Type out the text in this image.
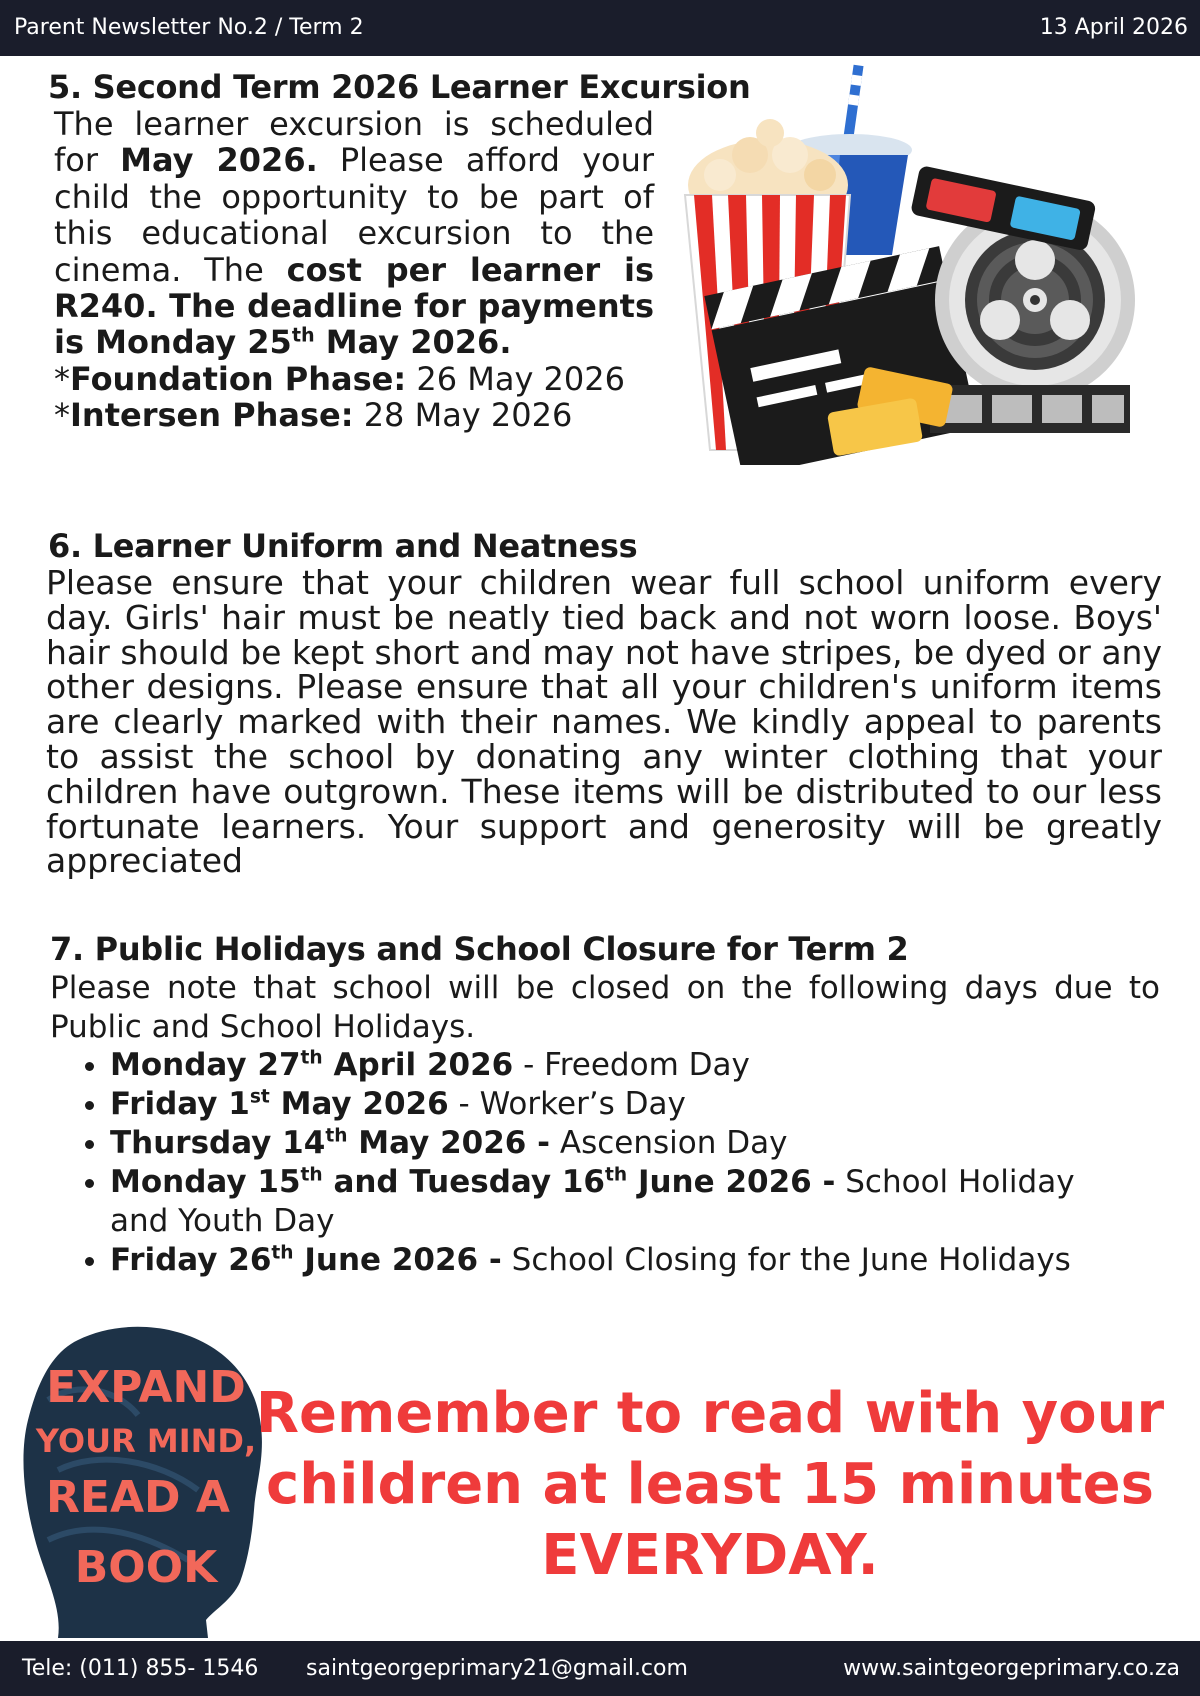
Parent Newsletter No.2 / Term 2	13 April 2026
5. Second Term 2026 Learner Excursion

The learner excursion is scheduled for May 2026. Please afford your child the opportunity to be part of this educational excursion to the cinema. The cost per learner is R240. The deadline for payments is Monday 25th May 2026.

*Foundation Phase: 26 May 2026

*Intersen Phase: 28 May 2026

6. Learner Uniform and Neatness
Please ensure that your children wear full school uniform every day. Girls' hair must be neatly tied back and not worn loose. Boys' hair should be kept short and may not have stripes, be dyed or any other designs. Please ensure that all your children's uniform items are clearly marked with their names. We kindly appeal to parents to assist the school by donating any winter clothing that your children have outgrown. These items will be distributed to our less fortunate learners. Your support and generosity will be greatly appreciated
7. Public Holidays and School Closure for Term 2
Please note that school will be closed on the following days due to Public and School Holidays.
• Monday 27th April 2026 - Freedom Day
• Friday 1st May 2026 - Worker’s Day
• Thursday 14th May 2026 - Ascension Day
• Monday 15th and Tuesday 16th June 2026 - School Holiday and Youth Day
• Friday 26th June 2026 - School Closing for the June Holidays
EXPAND
YOUR MIND,
READ A
BOOK
Remember to read with your
children at least 15 minutes
EVERYDAY.
Tele: (011) 855- 1546 saintgeorgeprimary21@gmail.com	www.saintgeorgeprimary.co.za
